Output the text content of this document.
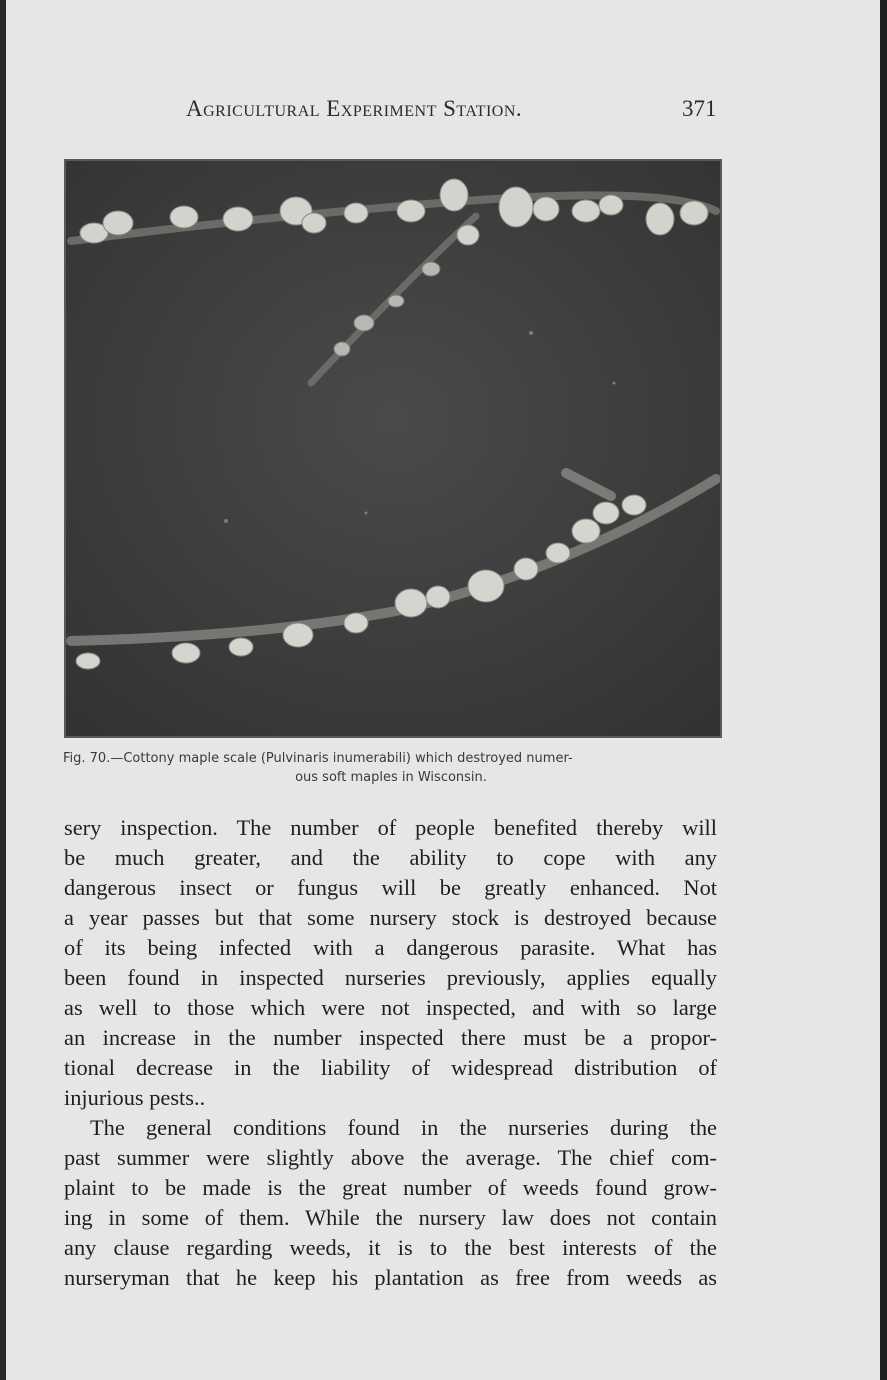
Agricultural Experiment Station.	371
Fig. 70.—Cottony maple scale (Pulvinaris inumerabili) which destroyed numer-
ous soft maples in Wisconsin.
sery inspection. The number of people benefited thereby will
be much greater, and the ability to cope with any
dangerous insect or fungus will be greatly enhanced. Not
a year passes but that some nursery stock is destroyed because
of its being infected with a dangerous parasite. What has
been found in inspected nurseries previously, applies equally
as well to those which were not inspected, and with so large
an increase in the number inspected there must be a propor-
tional decrease in the liability of widespread distribution of
injurious pests..
The general conditions found in the nurseries during the
past summer were slightly above the average. The chief com-
plaint to be made is the great number of weeds found grow-
ing in some of them. While the nursery law does not contain
any clause regarding weeds, it is to the best interests of the
nurseryman that he keep his plantation as free from weeds as
